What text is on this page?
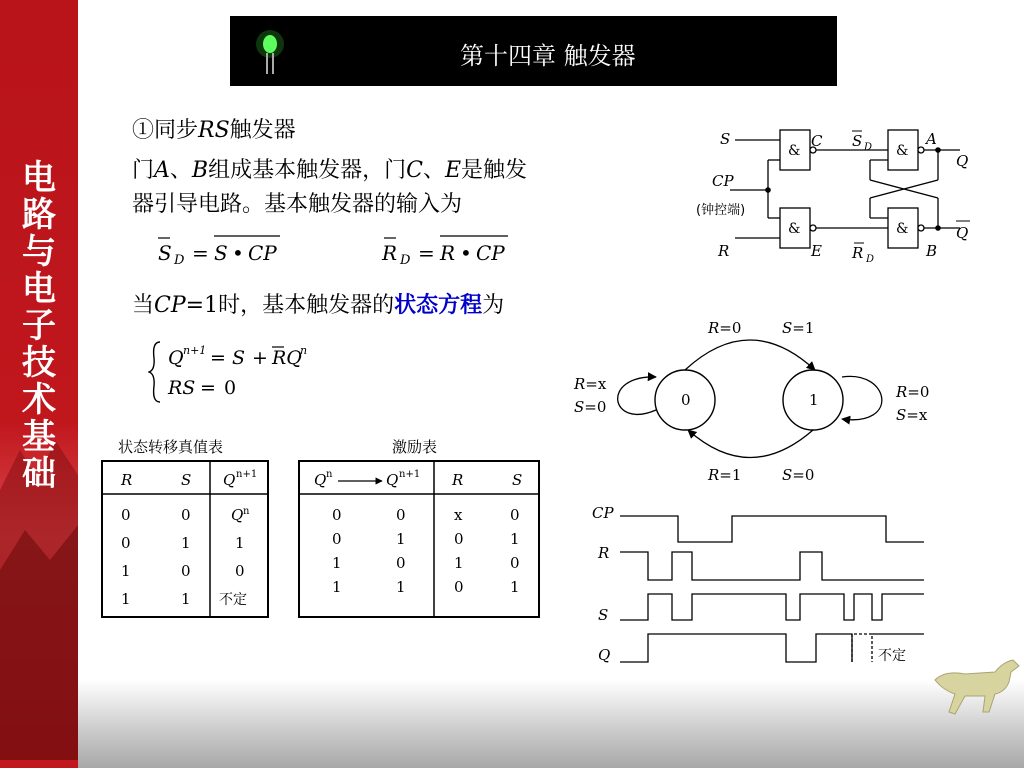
电
路
与
电
子
技
术
基
础
第十四章 触发器
①同步RS触发器
门A、B组成基本触发器，门C、E是触发
器引导电路。基本触发器的输入为
S D = S • CP	R D = R • CP
当CP=1时，基本触发器的状态方程为
Q n+1 = S + RQ
n
RS = 0
S
CP
R
C
E
S D
R D
A
B
Q
Q
&
&
&
&
(钟控端)
0	1
R=0	S=1
R=1	S=0
R=x
S=0
R=0
S=x
状态转移真值表
R	S Q n+1
0	0	Q n
0	1	1
1	0	0
1	1 不定
激励表
Q n	Q n+1 R	S
0	0	x	0
0	1	0	1
1	0	1	0
1	1	0	1
CP
R
S
Q	不定
